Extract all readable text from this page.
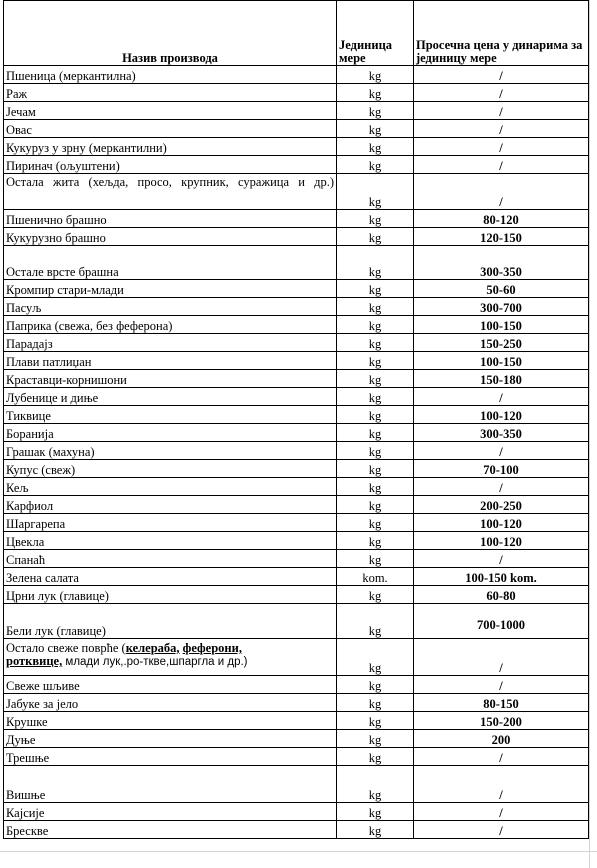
Назив производа	Јединица мере	Просечна цена у динарима за јединицу мере
Пшеница (меркантилна)	kg	/
Раж	kg	/
Јечам	kg	/
Овас	kg	/
Кукуруз у зрну (меркантилни)	kg	/
Пиринач (ољуштени)	kg	/
Остала жита (хељда, просо, крупник, суражица и др.)	kg	/
Пшенично брашно	kg	80-120
Кукурузно брашно	kg	120-150
Остале врсте брашна	kg	300-350
Кромпир стари-млади	kg	50-60
Пасуљ	kg	300-700
Паприка (свежа, без феферона)	kg	100-150
Парадајз	kg	150-250
Плави патлиџан	kg	100-150
Краставци-корнишони	kg	150-180
Лубенице и диње	kg	/
Тиквице	kg	100-120
Боранија	kg	300-350
Грашак (махуна)	kg	/
Купус (свеж)	kg	70-100
Кељ	kg	/
Карфиол	kg	200-250
Шаргарепа	kg	100-120
Цвекла	kg	100-120
Спанаћ	kg	/
Зелена салата	kom.	100-150 kom.
Црни лук (главице)	kg	60-80
Бели лук (главице)	kg	700-1000

Остало свеже поврће (келераба, феферони,
ротквице, млади лук,.ро-тквe,шпаргла и др.)	kg	/
Свеже шљиве	kg	/
Јабуке за јело	kg	80-150
Крушке	kg	150-200
Дуње	kg	200
Трешње	kg	/
Вишње	kg	/
Кајсије	kg	/
Бресквe	kg	/
